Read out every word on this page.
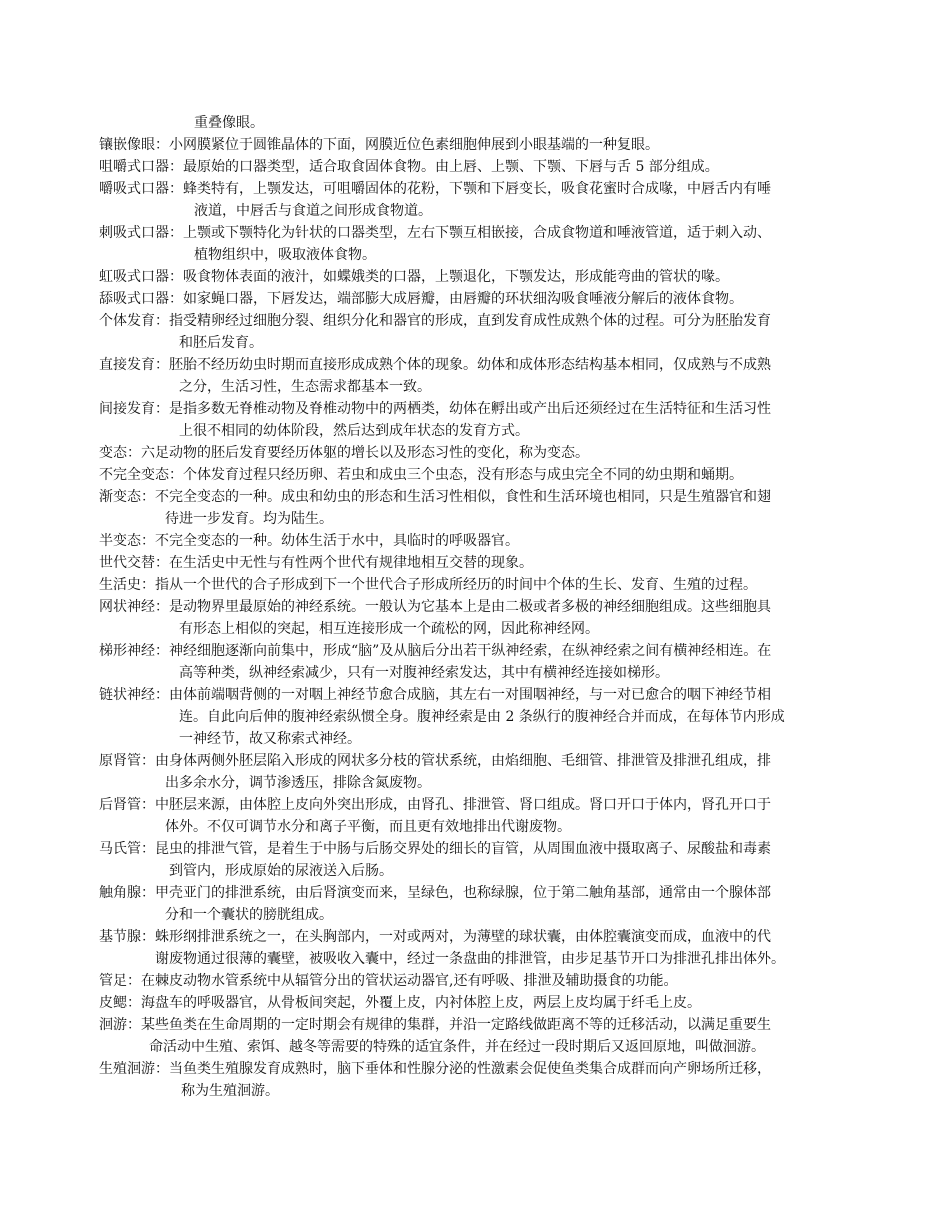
重叠像眼。
镶嵌像眼：小网膜紧位于圆锥晶体的下面，网膜近位色素细胞伸展到小眼基端的一种复眼。
咀嚼式口器：最原始的口器类型，适合取食固体食物。由上唇、上颚、下颚、下唇与舌 5 部分组成。
嚼吸式口器：蜂类特有，上颚发达，可咀嚼固体的花粉，下颚和下唇变长，吸食花蜜时合成喙，中唇舌内有唾
液道，中唇舌与食道之间形成食物道。
刺吸式口器：上颚或下颚特化为针状的口器类型，左右下颚互相嵌接，合成食物道和唾液管道，适于刺入动、
植物组织中，吸取液体食物。
虹吸式口器：吸食物体表面的液汁，如蝶娥类的口器，上颚退化，下颚发达，形成能弯曲的管状的喙。
舔吸式口器：如家蝇口器，下唇发达，端部膨大成唇瓣，由唇瓣的环状细沟吸食唾液分解后的液体食物。
个体发育：指受精卵经过细胞分裂、组织分化和器官的形成，直到发育成性成熟个体的过程。可分为胚胎发育
和胚后发育。
直接发育：胚胎不经历幼虫时期而直接形成成熟个体的现象。幼体和成体形态结构基本相同，仅成熟与不成熟
之分，生活习性，生态需求都基本一致。
间接发育：是指多数无脊椎动物及脊椎动物中的两栖类，幼体在孵出或产出后还须经过在生活特征和生活习性
上很不相同的幼体阶段，然后达到成年状态的发育方式。
变态：六足动物的胚后发育要经历体躯的增长以及形态习性的变化，称为变态。
不完全变态：个体发育过程只经历卵、若虫和成虫三个虫态，没有形态与成虫完全不同的幼虫期和蛹期。
渐变态：不完全变态的一种。成虫和幼虫的形态和生活习性相似，食性和生活环境也相同，只是生殖器官和翅
待进一步发育。均为陆生。
半变态：不完全变态的一种。幼体生活于水中，具临时的呼吸器官。
世代交替：在生活史中无性与有性两个世代有规律地相互交替的现象。
生活史：指从一个世代的合子形成到下一个世代合子形成所经历的时间中个体的生长、发育、生殖的过程。
网状神经：是动物界里最原始的神经系统。一般认为它基本上是由二极或者多极的神经细胞组成。这些细胞具
有形态上相似的突起，相互连接形成一个疏松的网，因此称神经网。
梯形神经：神经细胞逐渐向前集中，形成“脑”及从脑后分出若干纵神经索，在纵神经索之间有横神经相连。在
高等种类，纵神经索减少，只有一对腹神经索发达，其中有横神经连接如梯形。
链状神经：由体前端咽背侧的一对咽上神经节愈合成脑，其左右一对围咽神经，与一对已愈合的咽下神经节相
连。自此向后伸的腹神经索纵惯全身。腹神经索是由 2 条纵行的腹神经合并而成，在每体节内形成
一神经节，故又称索式神经。
原肾管：由身体两侧外胚层陷入形成的网状多分枝的管状系统，由焰细胞、毛细管、排泄管及排泄孔组成，排
出多余水分，调节渗透压，排除含氮废物。
后肾管：中胚层来源，由体腔上皮向外突出形成，由肾孔、排泄管、肾口组成。肾口开口于体内，肾孔开口于
体外。不仅可调节水分和离子平衡，而且更有效地排出代谢废物。
马氏管：昆虫的排泄气管，是着生于中肠与后肠交界处的细长的盲管，从周围血液中摄取离子、尿酸盐和毒素
到管内，形成原始的尿液送入后肠。
触角腺：甲壳亚门的排泄系统，由后肾演变而来，呈绿色，也称绿腺，位于第二触角基部，通常由一个腺体部
分和一个囊状的膀胱组成。
基节腺：蛛形纲排泄系统之一，在头胸部内，一对或两对，为薄壁的球状囊，由体腔囊演变而成，血液中的代
谢废物通过很薄的囊壁，被吸收入囊中，经过一条盘曲的排泄管，由步足基节开口为排泄孔排出体外。
管足：在棘皮动物水管系统中从辐管分出的管状运动器官,还有呼吸、排泄及辅助摄食的功能。
皮鳃：海盘车的呼吸器官，从骨板间突起，外覆上皮，内衬体腔上皮，两层上皮均属于纤毛上皮。
洄游：某些鱼类在生命周期的一定时期会有规律的集群，并沿一定路线做距离不等的迁移活动，以满足重要生
命活动中生殖、索饵、越冬等需要的特殊的适宜条件，并在经过一段时期后又返回原地，叫做洄游。
生殖洄游：当鱼类生殖腺发育成熟时，脑下垂体和性腺分泌的性激素会促使鱼类集合成群而向产卵场所迁移，
称为生殖洄游。
